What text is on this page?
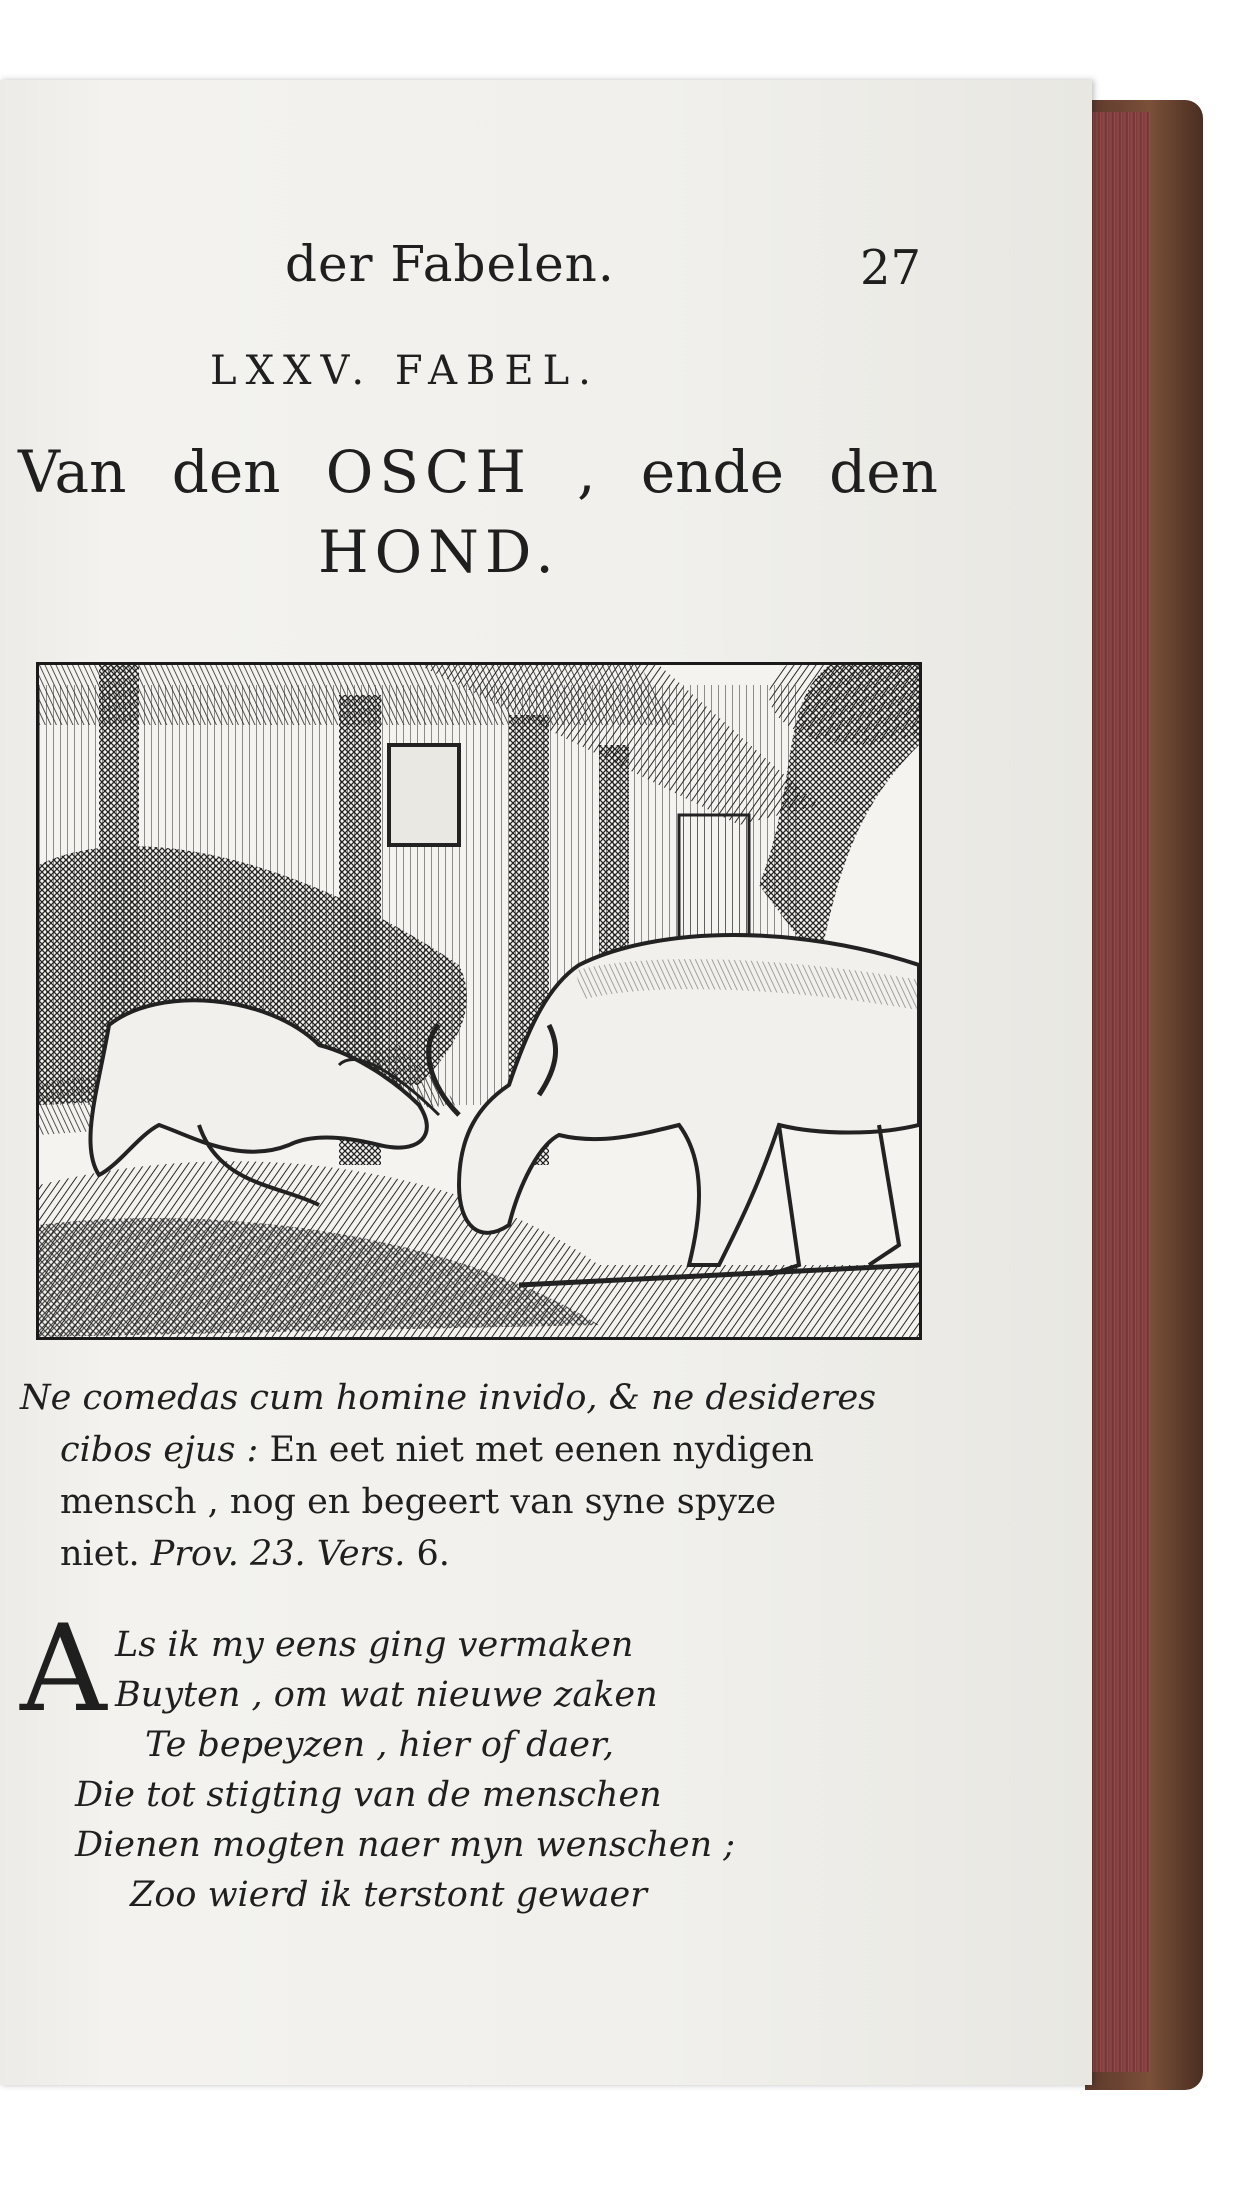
der Fabelen.	27
LXXV. FABEL.
Van den OSCH , ende den
HOND.

Ne comedas cum homine invido, & ne desideres

cibos ejus : En eet niet met eenen nydigen

mensch , nog en begeert van syne spyze

niet. Prov. 23. Vers. 6.

A Ls ik my eens ging vermaken
Buyten , om wat nieuwe zaken
Te bepeyzen , hier of daer,
Die tot stigting van de menschen
Dienen mogten naer myn wenschen ;
Zoo wierd ik terstont gewaer
